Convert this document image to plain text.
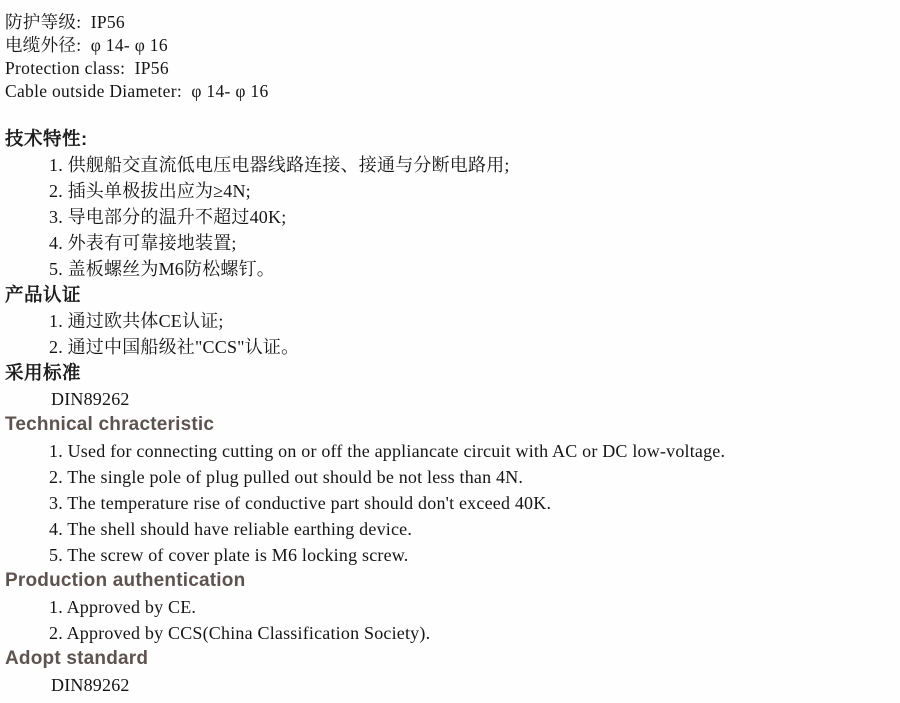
防护等级:  IP56
电缆外径:  φ 14- φ 16
Protection class:  IP56
Cable outside Diameter:  φ 14- φ 16
技术特性:
1. 供舰船交直流低电压电器线路连接、接通与分断电路用;
2. 插头单极拔出应为≥4N;
3. 导电部分的温升不超过40K;
4. 外表有可靠接地装置;
5. 盖板螺丝为M6防松螺钉。
产品认证
1. 通过欧共体CE认证;
2. 通过中国船级社"CCS"认证。
采用标准
DIN89262
Technical chracteristic
1. Used for connecting cutting on or off the appliancate circuit with AC or DC low-voltage.
2. The single pole of plug pulled out should be not less than 4N.
3. The temperature rise of conductive part should don't exceed 40K.
4. The shell should have reliable earthing device.
5. The screw of cover plate is M6 locking screw.
Production authentication
1. Approved by CE.
2. Approved by CCS(China Classification Society).
Adopt standard
DIN89262
